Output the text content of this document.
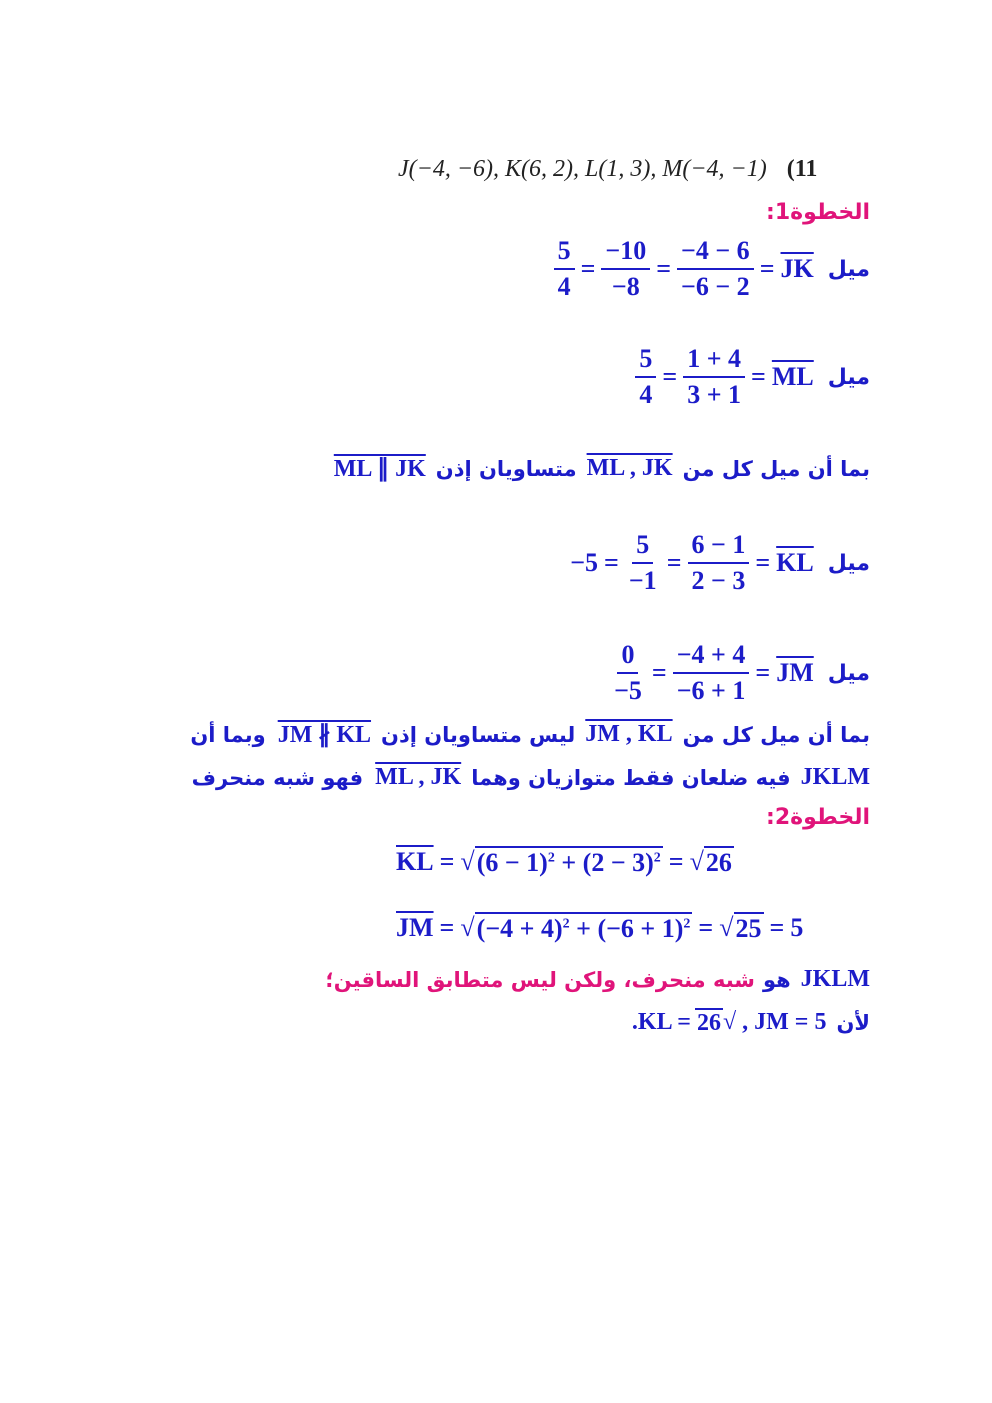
J(−4, −6), K(6, 2), L(1, 3), M(−4, −1) (11
الخطوة1:
ميل
$\overline{JK}$
=
$\frac{-4 - 6}{-6 - 2}$
=
$\frac{-10}{-8}$
=
$\frac{5}{4}$
ميل
$\overline{ML}$
=
$\frac{1 + 4}{3 + 1}$
=
$\frac{5}{4}$
بما أن ميل كل من
ML , JK
متساويان إذن
ML ∥ JK
ميل
$\overline{KL}$
=
$\frac{6 - 1}{2 - 3}$
=
$\frac{5}{-1}$
=
−5
ميل
$\overline{JM}$
=
$\frac{-4 + 4}{-6 + 1}$
=
$\frac{0}{-5}$
بما أن ميل كل من
JM , KL
ليس متساويان إذن
JM ∦ KL
وبما أن
JKLM
فيه ضلعان فقط متوازيان وهما
ML , JK
فهو شبه منحرف
الخطوة2:
$\overline{KL}$ = √ $(6 - 1)^2 + (2 - 3)^2$ = √ 26
$\overline{JM}$ = √ $(-4 + 4)^2 + (-6 + 1)^2$ = √ 25 = 5
JKLM
هو
شبه منحرف، ولكن ليس متطابق الساقين؛
لأن
JM = 5
,
√
26
.KL =
